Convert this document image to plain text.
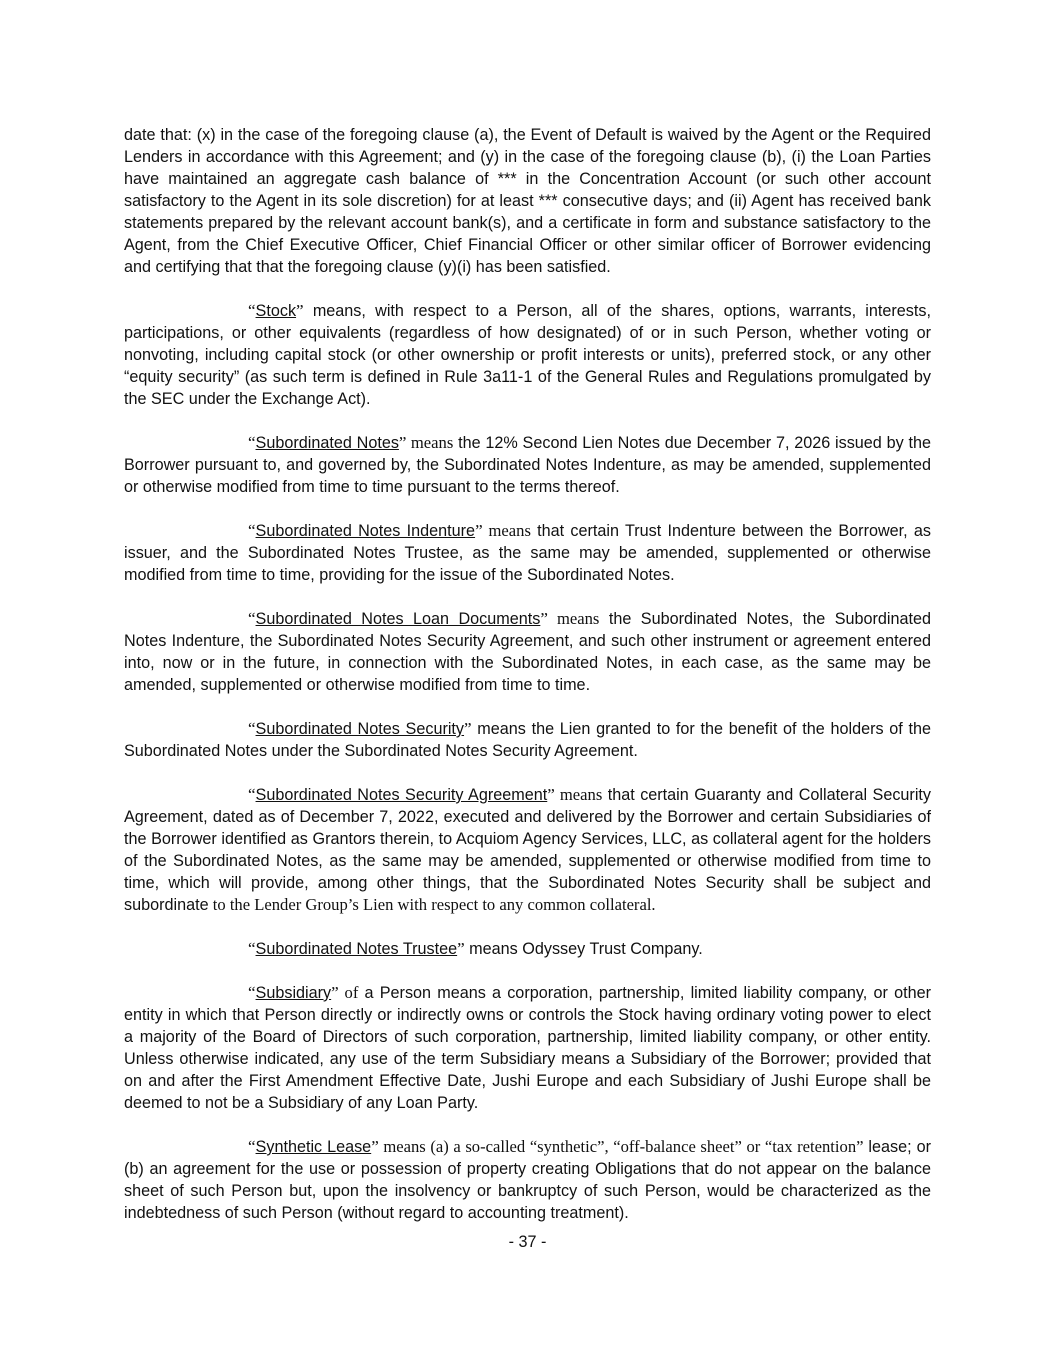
date that: (x) in the case of the foregoing clause (a), the Event of Default is waived by the Agent or the Required Lenders in accordance with this Agreement; and (y) in the case of the foregoing clause (b), (i) the Loan Parties have maintained an aggregate cash balance of *** in the Concentration Account (or such other account satisfactory to the Agent in its sole discretion) for at least *** consecutive days; and (ii) Agent has received bank statements prepared by the relevant account bank(s), and a certificate in form and substance satisfactory to the Agent, from the Chief Executive Officer, Chief Financial Officer or other similar officer of Borrower evidencing and certifying that that the foregoing clause (y)(i) has been satisfied.

“Stock” means, with respect to a Person, all of the shares, options, warrants, interests, participations, or other equivalents (regardless of how designated) of or in such Person, whether voting or nonvoting, including capital stock (or other ownership or profit interests or units), preferred stock, or any other “equity security” (as such term is defined in Rule 3a11-1 of the General Rules and Regulations promulgated by the SEC under the Exchange Act).

“Subordinated Notes” means the 12% Second Lien Notes due December 7, 2026 issued by the Borrower pursuant to, and governed by, the Subordinated Notes Indenture, as may be amended, supplemented or otherwise modified from time to time pursuant to the terms thereof.

“Subordinated Notes Indenture” means that certain Trust Indenture between the Borrower, as issuer, and the Subordinated Notes Trustee, as the same may be amended, supplemented or otherwise modified from time to time, providing for the issue of the Subordinated Notes.

“Subordinated Notes Loan Documents” means the Subordinated Notes, the Subordinated Notes Indenture, the Subordinated Notes Security Agreement, and such other instrument or agreement entered into, now or in the future, in connection with the Subordinated Notes, in each case, as the same may be amended, supplemented or otherwise modified from time to time.

“Subordinated Notes Security” means the Lien granted to for the benefit of the holders of the Subordinated Notes under the Subordinated Notes Security Agreement.

“Subordinated Notes Security Agreement” means that certain Guaranty and Collateral Security Agreement, dated as of December 7, 2022, executed and delivered by the Borrower and certain Subsidiaries of the Borrower identified as Grantors therein, to Acquiom Agency Services, LLC, as collateral agent for the holders of the Subordinated Notes, as the same may be amended, supplemented or otherwise modified from time to time, which will provide, among other things, that the Subordinated Notes Security shall be subject and subordinate to the Lender Group’s Lien with respect to any common collateral.

“Subordinated Notes Trustee” means Odyssey Trust Company.

“Subsidiary” of a Person means a corporation, partnership, limited liability company, or other entity in which that Person directly or indirectly owns or controls the Stock having ordinary voting power to elect a majority of the Board of Directors of such corporation, partnership, limited liability company, or other entity. Unless otherwise indicated, any use of the term Subsidiary means a Subsidiary of the Borrower; provided that on and after the First Amendment Effective Date, Jushi Europe and each Subsidiary of Jushi Europe shall be deemed to not be a Subsidiary of any Loan Party.

“Synthetic Lease” means (a) a so-called “synthetic”, “off-balance sheet” or “tax retention” lease; or (b) an agreement for the use or possession of property creating Obligations that do not appear on the balance sheet of such Person but, upon the insolvency or bankruptcy of such Person, would be characterized as the indebtedness of such Person (without regard to accounting treatment).

- 37 -
